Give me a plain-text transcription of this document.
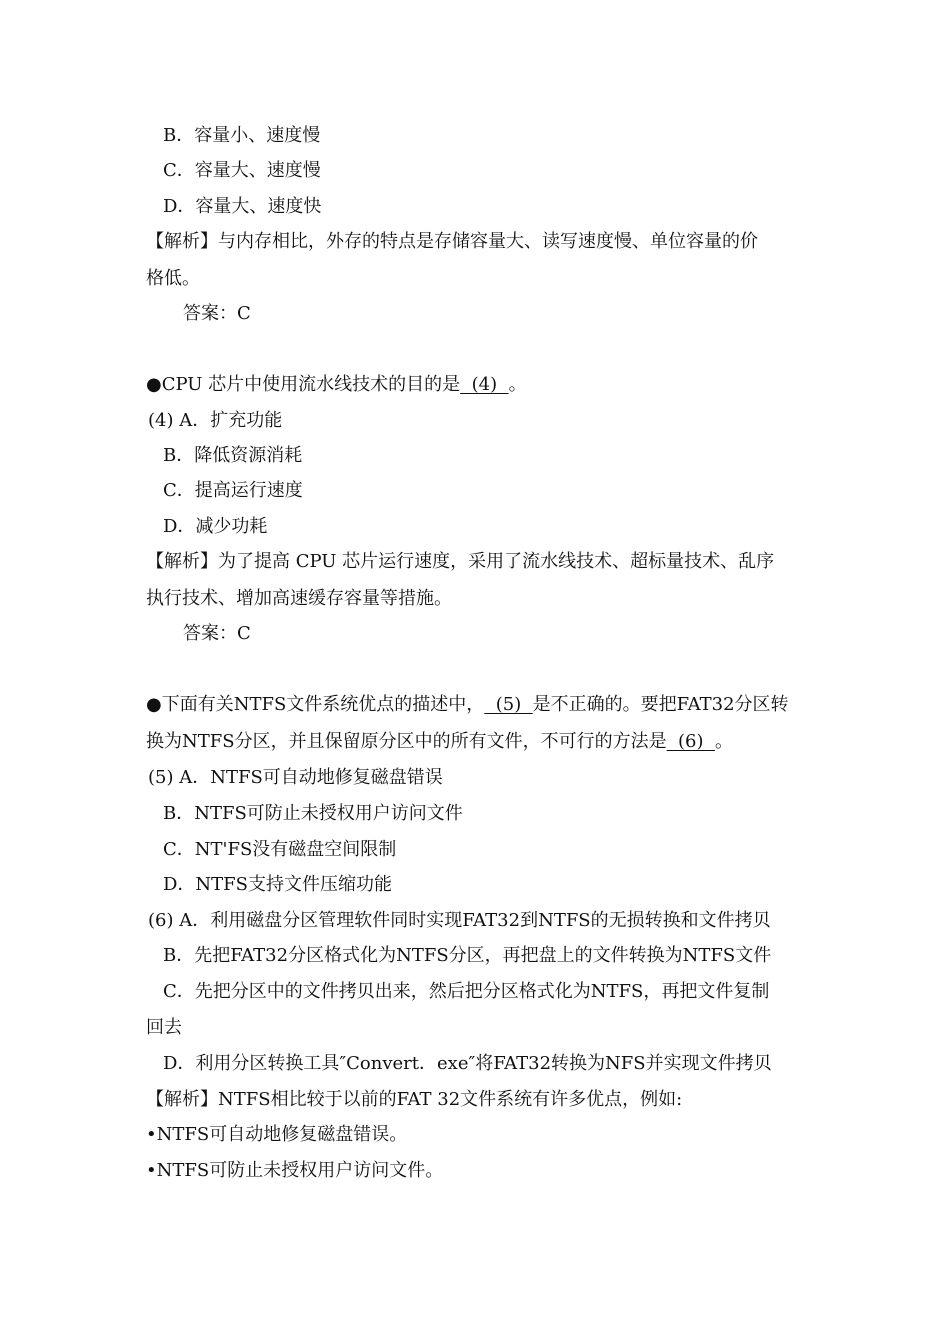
B．容量小、速度慢
C．容量大、速度慢
D．容量大、速度快
【解析】与内存相比，外存的特点是存储容量大、读写速度慢、单位容量的价
格低。
答案：C
●CPU 芯片中使用流水线技术的目的是  (4)  。
(4) A．扩充功能
B．降低资源消耗
C．提高运行速度
D．减少功耗
【解析】为了提高 CPU 芯片运行速度，采用了流水线技术、超标量技术、乱序
执行技术、增加高速缓存容量等措施。
答案：C
●下面有关NTFS文件系统优点的描述中，  (5)  是不正确的。要把FAT32分区转
换为NTFS分区，并且保留原分区中的所有文件，不可行的方法是  (6)  。
(5) A．NTFS可自动地修复磁盘错误
B．NTFS可防止未授权用户访问文件
C．NT'FS没有磁盘空间限制
D．NTFS支持文件压缩功能
(6) A．利用磁盘分区管理软件同时实现FAT32到NTFS的无损转换和文件拷贝
B．先把FAT32分区格式化为NTFS分区，再把盘上的文件转换为NTFS文件
C．先把分区中的文件拷贝出来，然后把分区格式化为NTFS，再把文件复制
回去
D．利用分区转换工具″Convert．exe″将FAT32转换为NFS并实现文件拷贝
【解析】NTFS相比较于以前的FAT 32文件系统有许多优点，例如:
•NTFS可自动地修复磁盘错误。
•NTFS可防止未授权用户访问文件。
